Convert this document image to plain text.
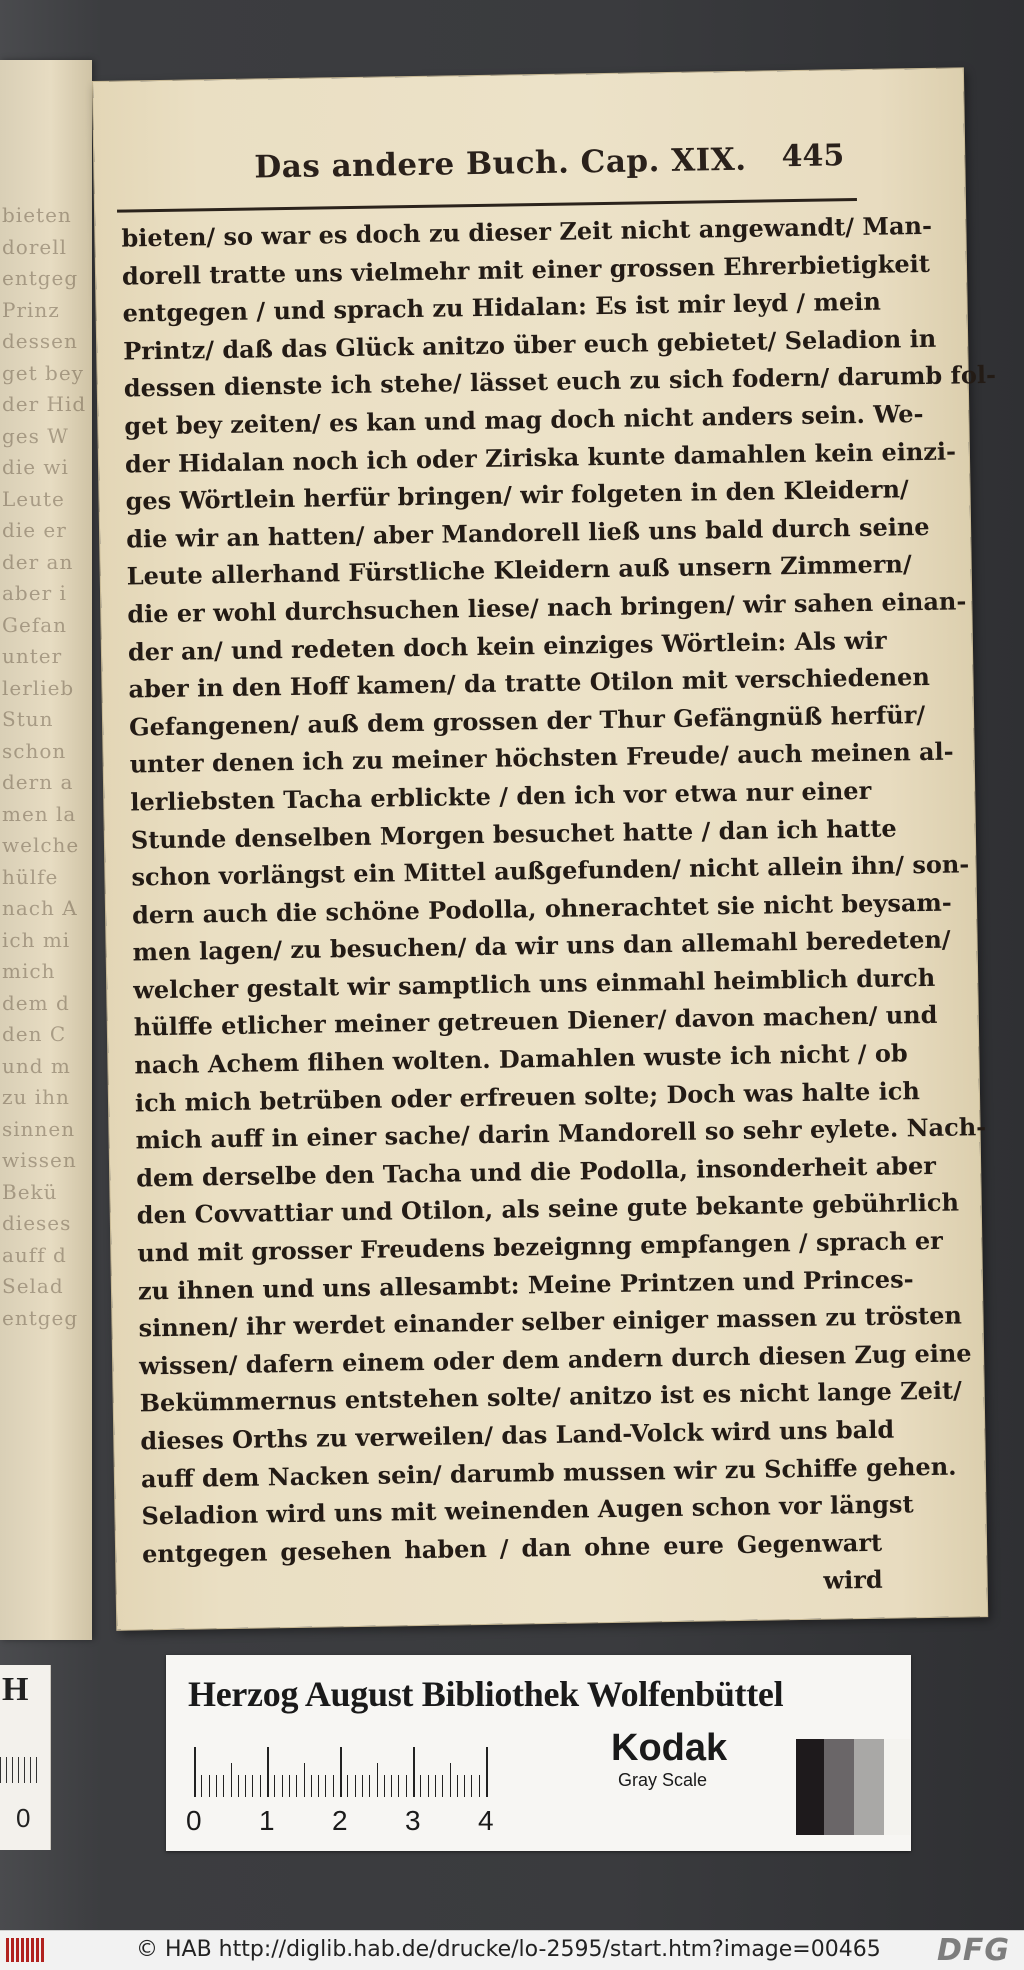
bieten
dorell
entgeg
Prinz
dessen
get bey
der Hid
ges W
die wi
Leute
die er
der an
aber i
Gefan
unter
lerlieb
Stun
schon
dern a
men la
welche
hülfe
nach A
ich mi
mich
dem d
den C
und m
zu ihn
sinnen
wissen
Bekü
dieses
auff d
Selad
entgeg
H
0
Das andere Buch. Cap. XIX. 445
bieten/ so war es doch zu dieser Zeit nicht angewandt/ Man-
dorell tratte uns vielmehr mit einer grossen Ehrerbietigkeit
entgegen / und sprach zu Hidalan: Es ist mir leyd / mein
Printz/ daß das Glück anitzo über euch gebietet/ Seladion in
dessen dienste ich stehe/ lässet euch zu sich fodern/ darumb fol-
get bey zeiten/ es kan und mag doch nicht anders sein. We-
der Hidalan noch ich oder Ziriska kunte damahlen kein einzi-
ges Wörtlein herfür bringen/ wir folgeten in den Kleidern/
die wir an hatten/ aber Mandorell ließ uns bald durch seine
Leute allerhand Fürstliche Kleidern auß unsern Zimmern/
die er wohl durchsuchen liese/ nach bringen/ wir sahen einan-
der an/ und redeten doch kein einziges Wörtlein: Als wir
aber in den Hoff kamen/ da tratte Otilon mit verschiedenen
Gefangenen/ auß dem grossen der Thur Gefängnüß herfür/
unter denen ich zu meiner höchsten Freude/ auch meinen al-
lerliebsten Tacha erblickte / den ich vor etwa nur einer
Stunde denselben Morgen besuchet hatte / dan ich hatte
schon vorlängst ein Mittel außgefunden/ nicht allein ihn/ son-
dern auch die schöne Podolla, ohnerachtet sie nicht beysam-
men lagen/ zu besuchen/ da wir uns dan allemahl beredeten/
welcher gestalt wir samptlich uns einmahl heimblich durch
hülffe etlicher meiner getreuen Diener/ davon machen/ und
nach Achem flihen wolten. Damahlen wuste ich nicht / ob
ich mich betrüben oder erfreuen solte; Doch was halte ich
mich auff in einer sache/ darin Mandorell so sehr eylete. Nach-
dem derselbe den Tacha und die Podolla, insonderheit aber
den Covvattiar und Otilon, als seine gute bekante gebührlich
und mit grosser Freudens bezeignng empfangen / sprach er
zu ihnen und uns allesambt: Meine Printzen und Princes-
sinnen/ ihr werdet einander selber einiger massen zu trösten
wissen/ dafern einem oder dem andern durch diesen Zug eine
Bekümmernus entstehen solte/ anitzo ist es nicht lange Zeit/
dieses Orths zu verweilen/ das Land-Volck wird uns bald
auff dem Nacken sein/ darumb mussen wir zu Schiffe gehen.
Seladion wird uns mit weinenden Augen schon vor längst
entgegen gesehen haben / dan ohne eure Gegenwart
wird
Herzog August Bibliothek Wolfenbüttel
0 1 2 3 4
Kodak
Gray Scale
© HAB http://diglib.hab.de/drucke/lo-2595/start.htm?image=00465 DFG
